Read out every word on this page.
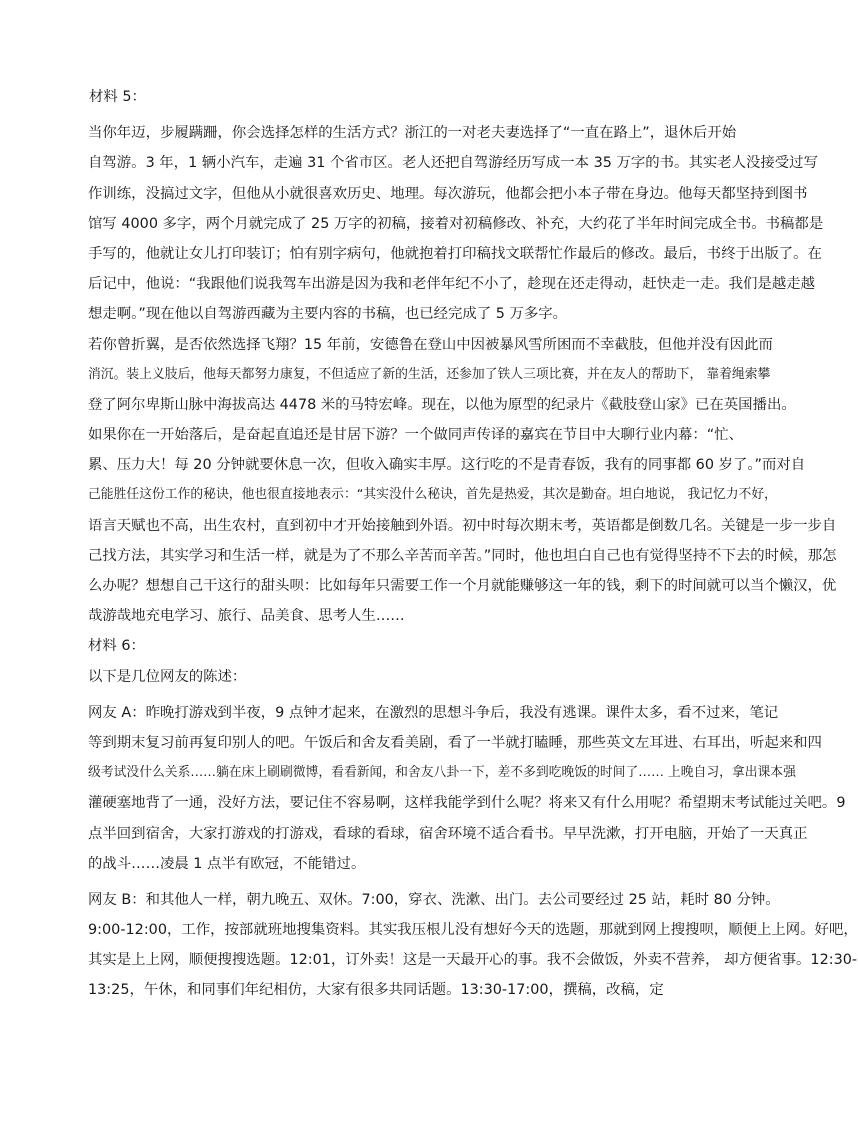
材料 5：
当你年迈，步履蹒跚，你会选择怎样的生活方式？浙江的一对老夫妻选择了“一直在路上”，退休后开始
自驾游。3 年，1 辆小汽车，走遍 31 个省市区。老人还把自驾游经历写成一本 35 万字的书。其实老人没接受过写
作训练，没搞过文字，但他从小就很喜欢历史、地理。每次游玩，他都会把小本子带在身边。他每天都坚持到图书
馆写 4000 多字，两个月就完成了 25 万字的初稿，接着对初稿修改、补充，大约花了半年时间完成全书。书稿都是
手写的，他就让女儿打印装订；怕有别字病句，他就抱着打印稿找文联帮忙作最后的修改。最后，书终于出版了。在
后记中，他说：“我跟他们说我驾车出游是因为我和老伴年纪不小了，趁现在还走得动，赶快走一走。我们是越走越
想走啊。”现在他以自驾游西藏为主要内容的书稿，也已经完成了 5 万多字。
若你曾折翼，是否依然选择飞翔？15 年前，安德鲁在登山中因被暴风雪所困而不幸截肢，但他并没有因此而
消沉。装上义肢后，他每天都努力康复，不但适应了新的生活，还参加了铁人三项比赛，并在友人的帮助下， 靠着绳索攀
登了阿尔卑斯山脉中海拔高达 4478 米的马特宏峰。现在，以他为原型的纪录片《截肢登山家》已在英国播出。
如果你在一开始落后，是奋起直追还是甘居下游？一个做同声传译的嘉宾在节目中大聊行业内幕：“忙、
累、压力大！每 20 分钟就要休息一次，但收入确实丰厚。这行吃的不是青春饭，我有的同事都 60 岁了。”而对自
己能胜任这份工作的秘诀，他也很直接地表示：“其实没什么秘诀，首先是热爱，其次是勤奋。坦白地说， 我记忆力不好，
语言天赋也不高，出生农村，直到初中才开始接触到外语。初中时每次期末考，英语都是倒数几名。关键是一步一步自
己找方法，其实学习和生活一样，就是为了不那么辛苦而辛苦。”同时，他也坦白自己也有觉得坚持不下去的时候，那怎
么办呢？想想自己干这行的甜头呗：比如每年只需要工作一个月就能赚够这一年的钱，剩下的时间就可以当个懒汉，优
哉游哉地充电学习、旅行、品美食、思考人生……
材料 6：
以下是几位网友的陈述：
网友 A：昨晚打游戏到半夜，9 点钟才起来，在激烈的思想斗争后，我没有逃课。课件太多，看不过来，笔记
等到期末复习前再复印别人的吧。午饭后和舍友看美剧，看了一半就打瞌睡，那些英文左耳进、右耳出，听起来和四
级考试没什么关系……躺在床上刷刷微博，看看新闻，和舍友八卦一下，差不多到吃晚饭的时间了…… 上晚自习，拿出课本强
灌硬塞地背了一通，没好方法，要记住不容易啊，这样我能学到什么呢？将来又有什么用呢？希望期末考试能过关吧。9
点半回到宿舍，大家打游戏的打游戏，看球的看球，宿舍环境不适合看书。早早洗漱，打开电脑，开始了一天真正
的战斗……凌晨 1 点半有欧冠，不能错过。
网友 B：和其他人一样，朝九晚五、双休。7:00，穿衣、洗漱、出门。去公司要经过 25 站，耗时 80 分钟。
9:00-12:00，工作，按部就班地搜集资料。其实我压根儿没有想好今天的选题，那就到网上搜搜呗，顺便上上网。好吧，
其实是上上网，顺便搜搜选题。12:01，订外卖！这是一天最开心的事。我不会做饭，外卖不营养， 却方便省事。12:30-
13:25，午休，和同事们年纪相仿，大家有很多共同话题。13:30-17:00，撰稿，改稿，定
